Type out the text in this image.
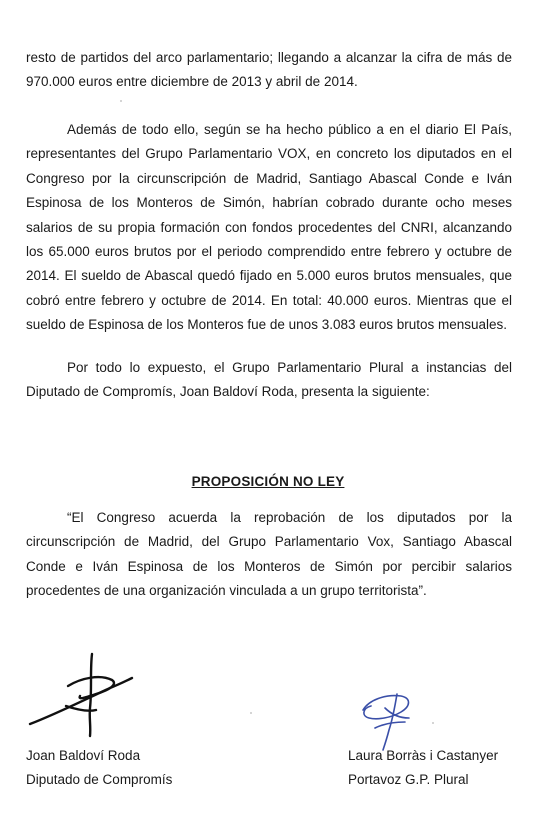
resto de partidos del arco parlamentario; llegando a alcanzar la cifra de más de 970.000 euros entre diciembre de 2013 y abril de 2014.

Además de todo ello, según se ha hecho público a en el diario El País, representantes del Grupo Parlamentario VOX, en concreto los diputados en el Congreso por la circunscripción de Madrid, Santiago Abascal Conde e Iván Espinosa de los Monteros de Simón, habrían cobrado durante ocho meses salarios de su propia formación con fondos procedentes del CNRI, alcanzando los 65.000 euros brutos por el periodo comprendido entre febrero y octubre de 2014. El sueldo de Abascal quedó fijado en 5.000 euros brutos mensuales, que cobró entre febrero y octubre de 2014. En total: 40.000 euros. Mientras que el sueldo de Espinosa de los Monteros fue de unos 3.083 euros brutos mensuales.

Por todo lo expuesto, el Grupo Parlamentario Plural a instancias del Diputado de Compromís, Joan Baldoví Roda, presenta la siguiente:

PROPOSICIÓN NO LEY

“El Congreso acuerda la reprobación de los diputados por la circunscripción de Madrid, del Grupo Parlamentario Vox, Santiago Abascal Conde e Iván Espinosa de los Monteros de Simón por percibir salarios procedentes de una organización vinculada a un grupo territorista”.

Joan Baldoví Roda
Diputado de Compromís
Laura Borràs i Castanyer
Portavoz G.P. Plural
